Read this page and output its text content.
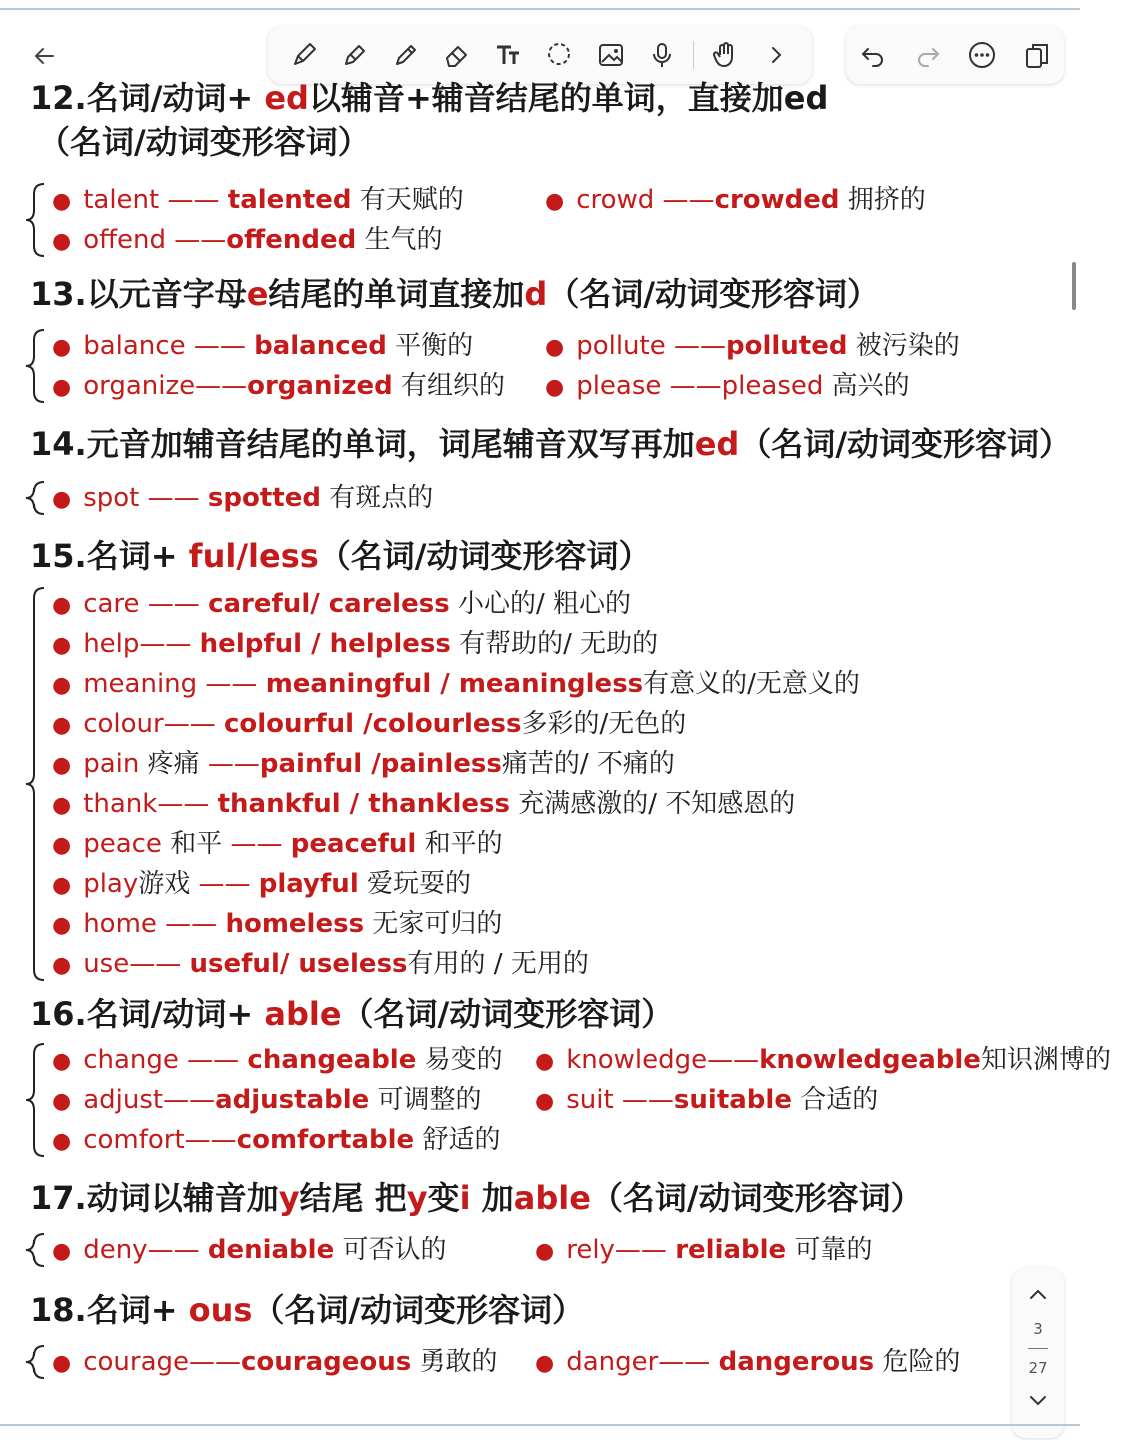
12.名词/动词+ ed以辅音+辅音结尾的单词，直接加ed
（名词/动词变形容词）
● talent —— talented 有天赋的	● crowd ——crowded 拥挤的
● offend ——offended 生气的
13.以元音字母e结尾的单词直接加d（名词/动词变形容词）
● balance —— balanced 平衡的	● pollute ——polluted 被污染的
● organize——organized 有组织的 ● please ——pleased 高兴的
14.元音加辅音结尾的单词，词尾辅音双写再加ed（名词/动词变形容词）
● spot —— spotted 有斑点的
15.名词+ ful/less（名词/动词变形容词）
● care —— careful/ careless 小心的/ 粗心的
● help—— helpful / helpless 有帮助的/ 无助的
● meaning —— meaningful / meaningless有意义的/无意义的
● colour—— colourful /colourless多彩的/无色的
● pain 疼痛 ——painful /painless痛苦的/ 不痛的
● thank—— thankful / thankless 充满感激的/ 不知感恩的
● peace 和平 —— peaceful 和平的
● play游戏 —— playful 爱玩耍的
● home —— homeless 无家可归的
● use—— useful/ useless有用的 / 无用的
16.名词/动词+ able（名词/动词变形容词）
● change —— changeable 易变的 ● knowledge——knowledgeable知识渊博的
● adjust——adjustable 可调整的 ● suit ——suitable 合适的
● comfort——comfortable 舒适的
17.动词以辅音加y结尾 把y变i 加able（名词/动词变形容词）
● deny—— deniable 可否认的	● rely—— reliable 可靠的
18.名词+ ous（名词/动词变形容词）
● courage——courageous 勇敢的 ● danger—— dangerous 危险的
3
27
